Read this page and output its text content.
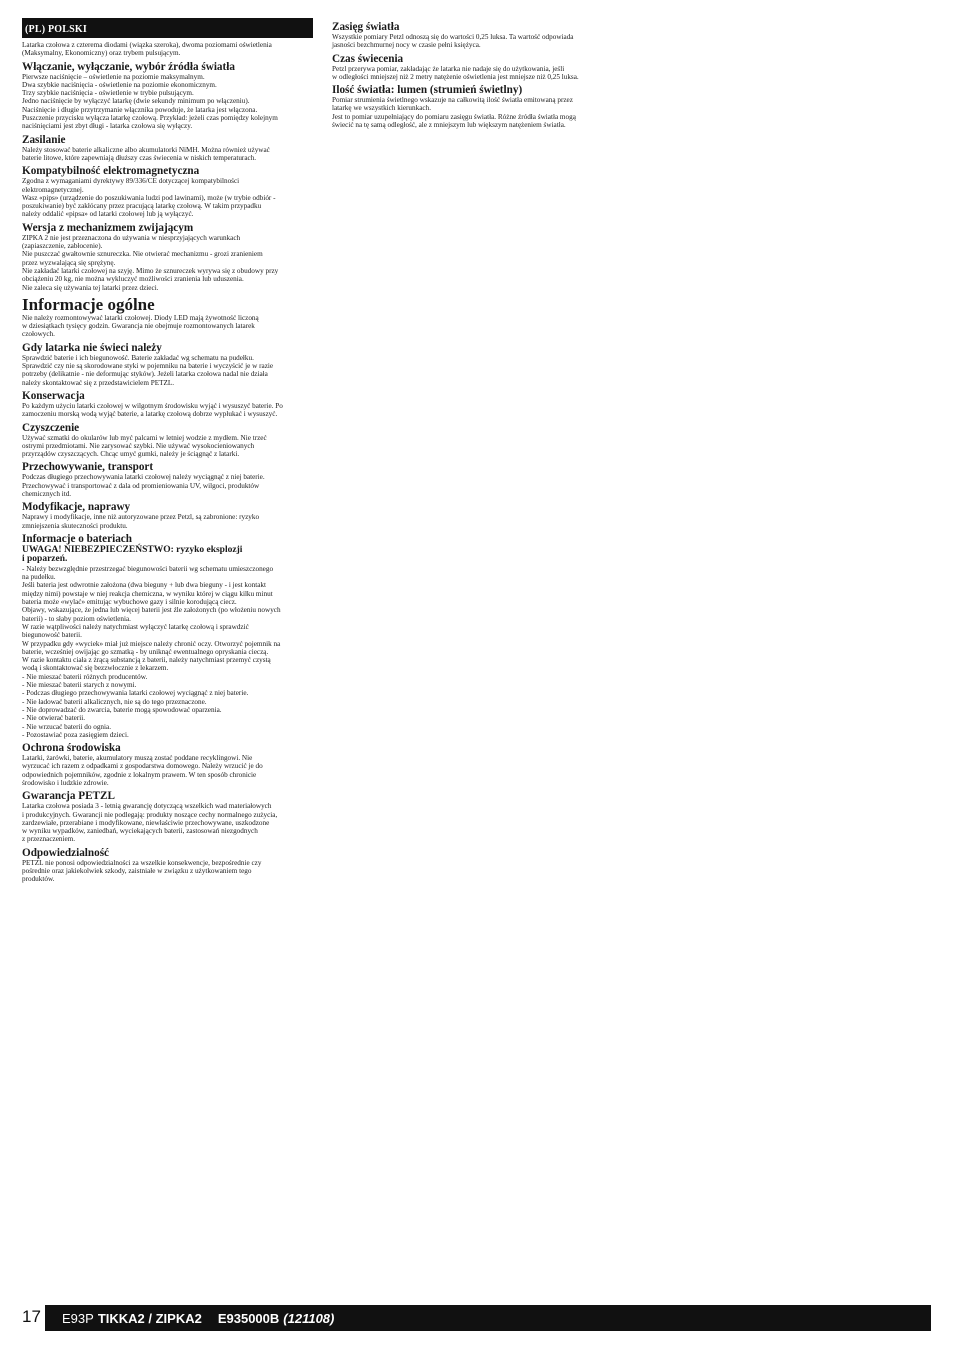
(PL) POLSKI

Latarka czołowa z czterema diodami (wiązka szeroka), dwoma poziomami oświetlenia
(Maksymalny, Ekonomiczny) oraz trybem pulsującym.

Włączanie, wyłączanie, wybór źródła światła

Pierwsze naciśnięcie – oświetlenie na poziomie maksymalnym.
Dwa szybkie naciśnięcia - oświetlenie na poziomie ekonomicznym.
Trzy szybkie naciśnięcia - oświetlenie w trybie pulsującym.
Jedno naciśnięcie by wyłączyć latarkę (dwie sekundy minimum po włączeniu).
Naciśnięcie i długie przytrzymanie włącznika powoduje, że latarka jest włączona.
Puszczenie przycisku wyłącza latarkę czołową. Przykład: jeżeli czas pomiędzy kolejnym
naciśnięciami jest zbyt długi - latarka czołowa się wyłączy.

Zasilanie

Należy stosować baterie alkaliczne albo akumulatorki NiMH. Można również używać
baterie litowe, które zapewniają dłuższy czas świecenia w niskich temperaturach.

Kompatybilność elektromagnetyczna

Zgodna z wymaganiami dyrektywy 89/336/CE dotyczącej kompatybilności
elektromagnetycznej.
Wasz «pips» (urządzenie do poszukiwania ludzi pod lawinami), może (w trybie odbiór -
poszukiwanie) być zakłócany przez pracującą latarkę czołową. W takim przypadku
należy oddalić «pipsa» od latarki czołowej lub ją wyłączyć.

Wersja z mechanizmem zwijającym

ZIPKA 2 nie jest przeznaczona do używania w niesprzyjających warunkach
(zapiaszczenie, zabłocenie).
Nie puszczać gwałtownie sznureczka. Nie otwierać mechanizmu - grozi zranieniem
przez wyzwalającą się sprężynę.
Nie zakładać latarki czołowej na szyję. Mimo że sznureczek wyrywa się z obudowy przy
obciążeniu 20 kg, nie można wykluczyć możliwości zranienia lub uduszenia.
Nie zaleca się używania tej latarki przez dzieci.

Informacje ogólne

Nie należy rozmontowywać latarki czołowej. Diody LED mają żywotność liczoną
w dziesiątkach tysięcy godzin. Gwarancja nie obejmuje rozmontowanych latarek
czołowych.

Gdy latarka nie świeci należy

Sprawdzić baterie i ich biegunowość. Baterie zakładać wg schematu na pudełku.
Sprawdzić czy nie są skorodowane styki w pojemniku na baterie i wyczyścić je w razie
potrzeby (delikatnie - nie deformując styków). Jeżeli latarka czołowa nadal nie działa
należy skontaktować się z przedstawicielem PETZL.

Konserwacja

Po każdym użyciu latarki czołowej w wilgotnym środowisku wyjąć i wysuszyć baterie. Po
zamoczeniu morską wodą wyjąć baterie, a latarkę czołową dobrze wypłukać i wysuszyć.

Czyszczenie

Używać szmatki do okularów lub myć palcami w letniej wodzie z mydłem. Nie trzeć
ostrymi przedmiotami. Nie zarysować szybki. Nie używać wysokocieniowanych
przyrządów czyszczących. Chcąc umyć gumki, należy je ściągnąć z latarki.

Przechowywanie, transport

Podczas długiego przechowywania latarki czołowej należy wyciągnąć z niej baterie.
Przechowywać i transportować z dala od promieniowania UV, wilgoci, produktów
chemicznych itd.

Modyfikacje, naprawy

Naprawy i modyfikacje, inne niż autoryzowane przez Petzl, są zabronione: ryzyko
zmniejszenia skuteczności produktu.

Informacje o bateriach
UWAGA! NIEBEZPIECZEŃSTWO: ryzyko eksplozji
i poparzeń.

- Należy bezwzględnie przestrzegać biegunowości baterii wg schematu umieszczonego
na pudełku.
Jeśli bateria jest odwrotnie założona (dwa bieguny + lub dwa bieguny - i jest kontakt
między nimi) powstaje w niej reakcja chemiczna, w wyniku której w ciągu kilku minut
bateria może «wylać» emitując wybuchowe gazy i silnie korodującą ciecz.
Objawy, wskazujące, że jedna lub więcej baterii jest źle założonych (po włożeniu nowych
baterii) - to słaby poziom oświetlenia.
W razie wątpliwości należy natychmiast wyłączyć latarkę czołową i sprawdzić
biegunowość baterii.
W przypadku gdy «wyciek» miał już miejsce należy chronić oczy. Otworzyć pojemnik na
baterie, wcześniej owijając go szmatką - by uniknąć ewentualnego opryskania cieczą.
W razie kontaktu ciała z żrącą substancją z baterii, należy natychmiast przemyć czystą
wodą i skontaktować się bezzwłocznie z lekarzem.
- Nie mieszać baterii różnych producentów.
- Nie mieszać baterii starych z nowymi.
- Podczas długiego przechowywania latarki czołowej wyciągnąć z niej baterie.
- Nie ładować baterii alkalicznych, nie są do tego przeznaczone.
- Nie doprowadzać do zwarcia, baterie mogą spowodować oparzenia.
- Nie otwierać baterii.
- Nie wrzucać baterii do ognia.
- Pozostawiać poza zasięgiem dzieci.

Ochrona środowiska

Latarki, żarówki, baterie, akumulatory muszą zostać poddane recyklingowi. Nie
wyrzucać ich razem z odpadkami z gospodarstwa domowego. Należy wrzucić je do
odpowiednich pojemników, zgodnie z lokalnym prawem. W ten sposób chronicie
środowisko i ludzkie zdrowie.

Gwarancja PETZL

Latarka czołowa posiada 3 - letnią gwarancję dotyczącą wszelkich wad materiałowych
i produkcyjnych. Gwarancji nie podlegają: produkty noszące cechy normalnego zużycia,
zardzewiałe, przerabiane i modyfikowane, niewłaściwie przechowywane, uszkodzone
w wyniku wypadków, zaniedbań, wyciekających baterii, zastosowań niezgodnych
z przeznaczeniem.

Odpowiedzialność

PETZL nie ponosi odpowiedzialności za wszelkie konsekwencje, bezpośrednie czy
pośrednie oraz jakiekolwiek szkody, zaistniałe w związku z użytkowaniem tego
produktów.

Zasięg światła

Wszystkie pomiary Petzl odnoszą się do wartości 0,25 luksa. Ta wartość odpowiada
jasności bezchmurnej nocy w czasie pełni księżyca.

Czas świecenia

Petzl przerywa pomiar, zakładając że latarka nie nadaje się do użytkowania, jeśli
w odległości mniejszej niż 2 metry natężenie oświetlenia jest mniejsze niż 0,25 luksa.

Ilość światła: lumen (strumień świetlny)

Pomiar strumienia świetlnego wskazuje na całkowitą ilość światła emitowaną przez
latarkę we wszystkich kierunkach.
Jest to pomiar uzupełniający do pomiaru zasięgu światła. Różne źródła światła mogą
świecić na tę samą odległość, ale z mniejszym lub większym natężeniem światła.

17 E93P TIKKA2 / ZIPKA2 E935000B (121108)
